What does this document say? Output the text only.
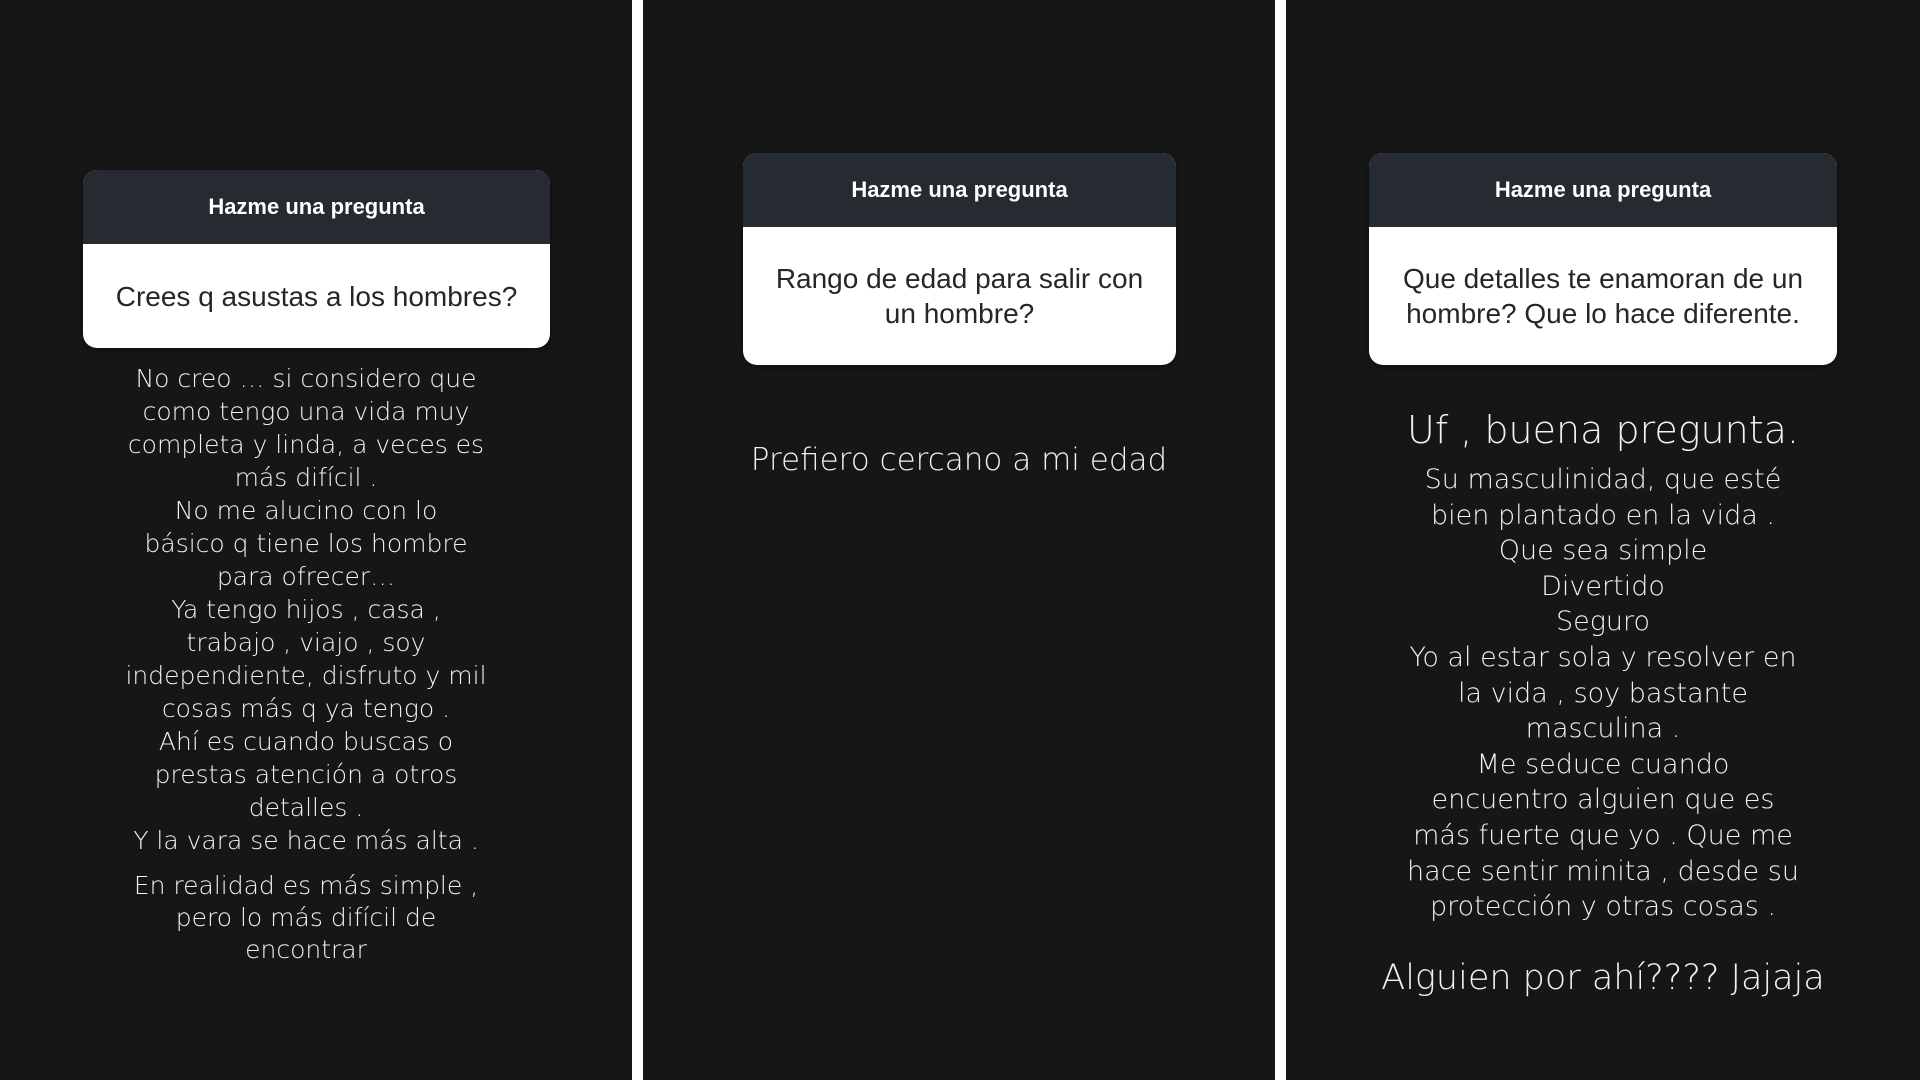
Hazme una pregunta
Crees q asustas a los hombres?
No creo … si considero que
como tengo una vida muy
completa y linda, a veces es
más difícil .
No me alucino con lo
básico q tiene los hombre
para ofrecer…
Ya tengo hijos , casa ,
trabajo , viajo , soy
independiente, disfruto y mil
cosas más q ya tengo .
Ahí es cuando buscas o
prestas atención a otros
detalles .
Y la vara se hace más alta .
En realidad es más simple ,
pero lo más difícil de
encontrar
Hazme una pregunta
Rango de edad para salir con
un hombre?
Prefiero cercano a mi edad
Hazme una pregunta
Que detalles te enamoran de un
hombre? Que lo hace diferente.
Uf , buena pregunta.
Su masculinidad, que esté
bien plantado en la vida .
Que sea simple
Divertido
Seguro
Yo al estar sola y resolver en
la vida , soy bastante
masculina .
Me seduce cuando
encuentro alguien que es
más fuerte que yo . Que me
hace sentir minita , desde su
protección y otras cosas .
Alguien por ahí???? Jajaja
